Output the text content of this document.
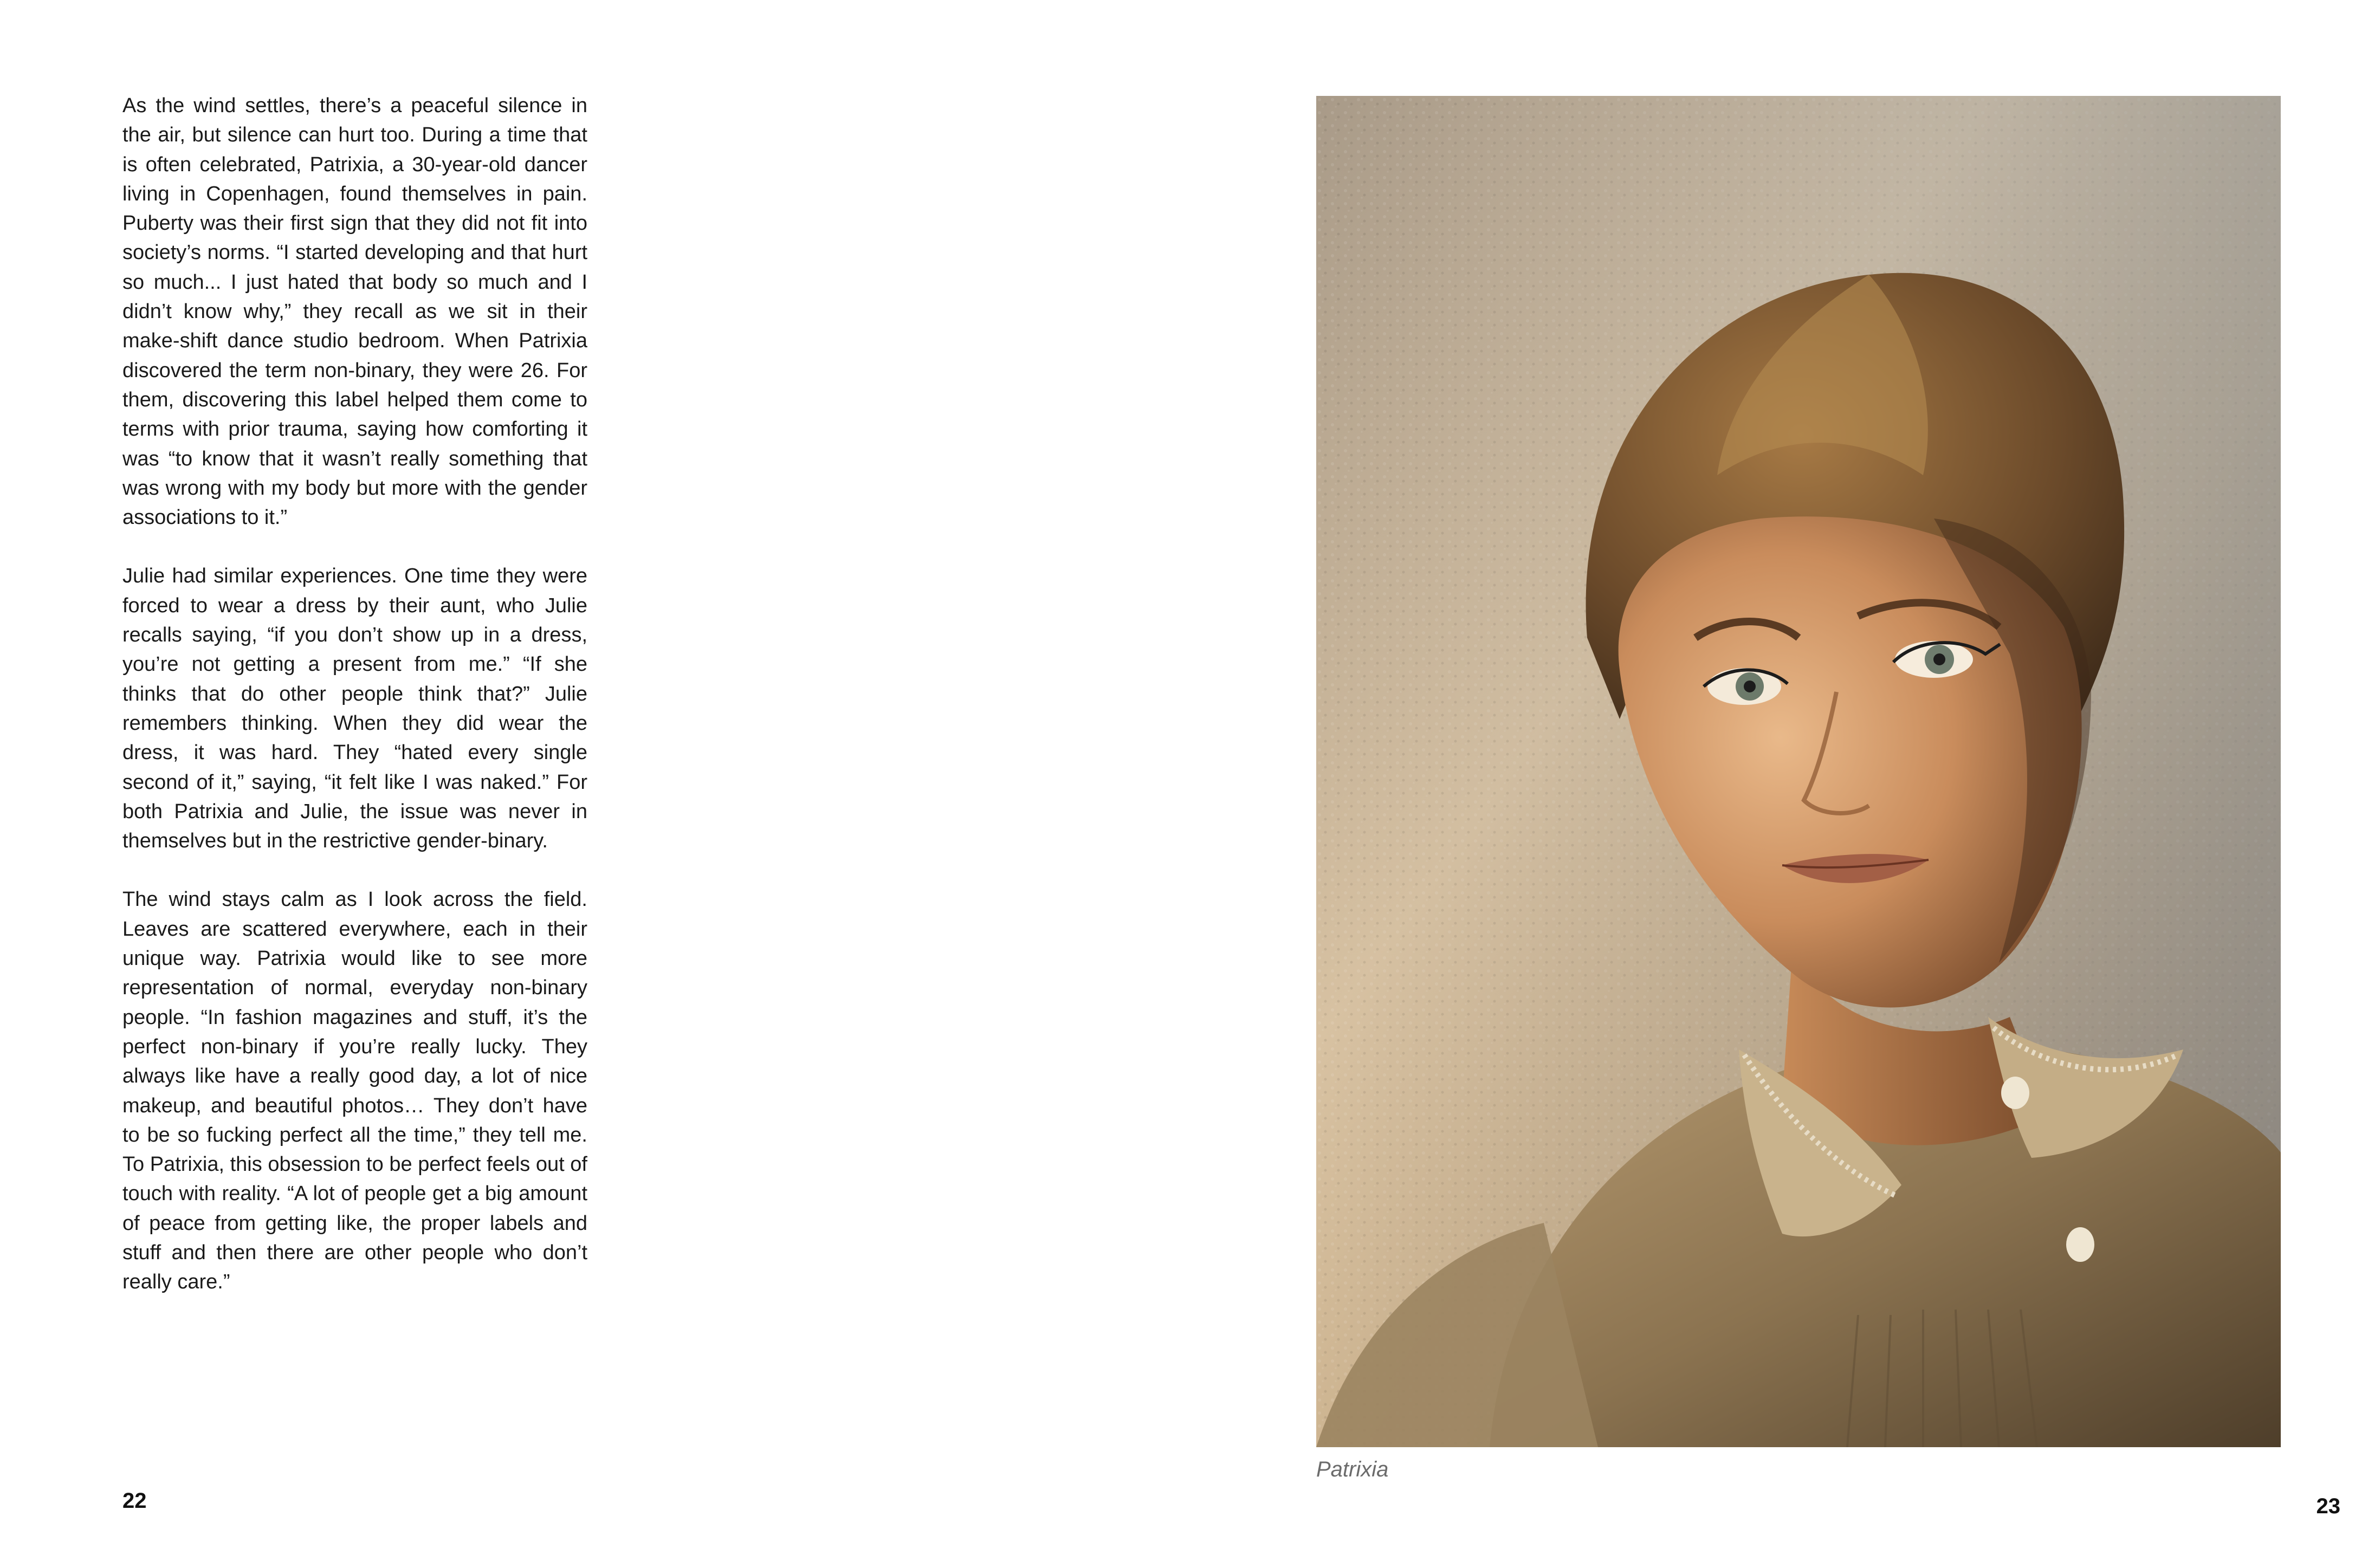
As the wind settles, there’s a peaceful silence in the air, but silence can hurt too. During a time that is often celebrated, Patrixia, a 30-year-old dancer living in Copenhagen, found themselves in pain. Puberty was their first sign that they did not fit into society’s norms. “I started developing and that hurt so much... I just hated that body so much and I didn’t know why,” they recall as we sit in their make-shift dance studio bedroom. When Patrixia discovered the term non-binary, they were 26. For them, discovering this label helped them come to terms with prior trauma, saying how comforting it was “to know that it wasn’t really something that was wrong with my body but more with the gender associations to it.”

Julie had similar experiences. One time they were forced to wear a dress by their aunt, who Julie recalls saying, “if you don’t show up in a dress, you’re not getting a present from me.” “If she thinks that do other people think that?” Julie remembers thinking. When they did wear the dress, it was hard. They “hated every single second of it,” saying, “it felt like I was naked.” For both Patrixia and Julie, the issue was never in themselves but in the restrictive gender-binary.

The wind stays calm as I look across the field. Leaves are scattered everywhere, each in their unique way. Patrixia would like to see more representation of normal, everyday non-binary people. “In fashion magazines and stuff, it’s the perfect non-binary if you’re really lucky. They always like have a really good day, a lot of nice makeup, and beautiful photos… They don’t have to be so fucking perfect all the time,” they tell me. To Patrixia, this obsession to be perfect feels out of touch with reality. “A lot of people get a big amount of peace from getting like, the proper labels and stuff and then there are other people who don’t really care.”

22
Patrixia
23
